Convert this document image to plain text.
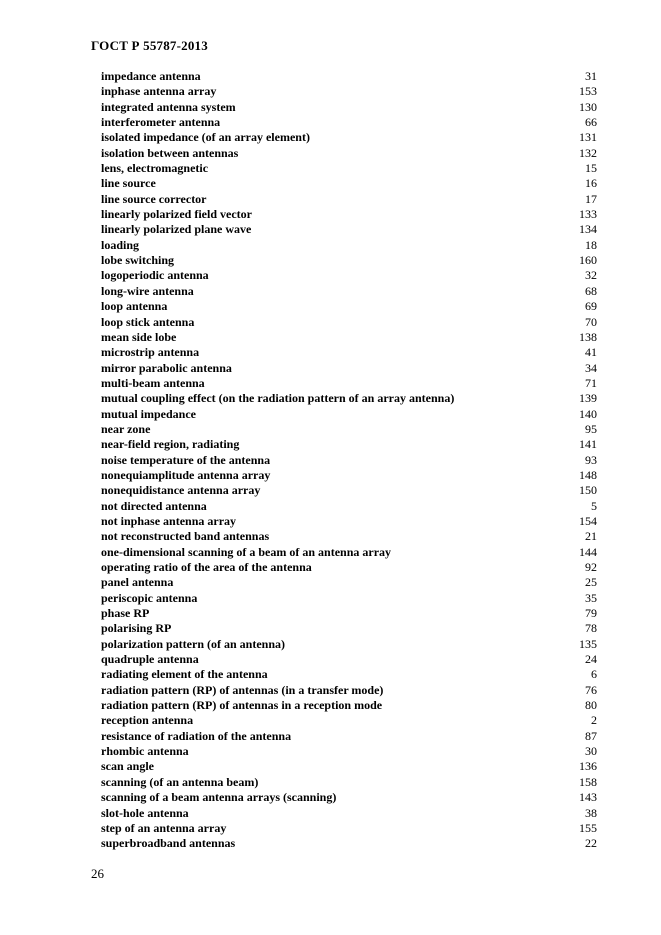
ГОСТ Р 55787-2013
impedance antenna	31
inphase antenna array	153
integrated antenna system	130
interferometer antenna	66
isolated impedance (of an array element)	131
isolation between antennas	132
lens, electromagnetic	15
line source	16
line source corrector	17
linearly polarized field vector	133
linearly polarized plane wave	134
loading	18
lobe switching	160
logoperiodic antenna	32
long-wire antenna	68
loop antenna	69
loop stick antenna	70
mean side lobe	138
microstrip antenna	41
mirror parabolic antenna	34
multi-beam antenna	71
mutual coupling effect (on the radiation pattern of an array antenna)	139
mutual impedance	140
near zone	95
near-field region, radiating	141
noise temperature of the antenna	93
nonequiamplitude antenna array	148
nonequidistance antenna array	150
not directed antenna	5
not inphase antenna array	154
not reconstructed band antennas	21
one-dimensional scanning of a beam of an antenna array	144
operating ratio of the area of the antenna	92
panel antenna	25
periscopic antenna	35
phase RP	79
polarising RP	78
polarization pattern (of an antenna)	135
quadruple antenna	24
radiating element of the antenna	6
radiation pattern (RP) of antennas (in a transfer mode)	76
radiation pattern (RP) of antennas in a reception mode	80
reception antenna	2
resistance of radiation of the antenna	87
rhombic antenna	30
scan angle	136
scanning (of an antenna beam)	158
scanning of a beam antenna arrays (scanning)	143
slot-hole antenna	38
step of an antenna array	155
superbroadband antennas	22
26
